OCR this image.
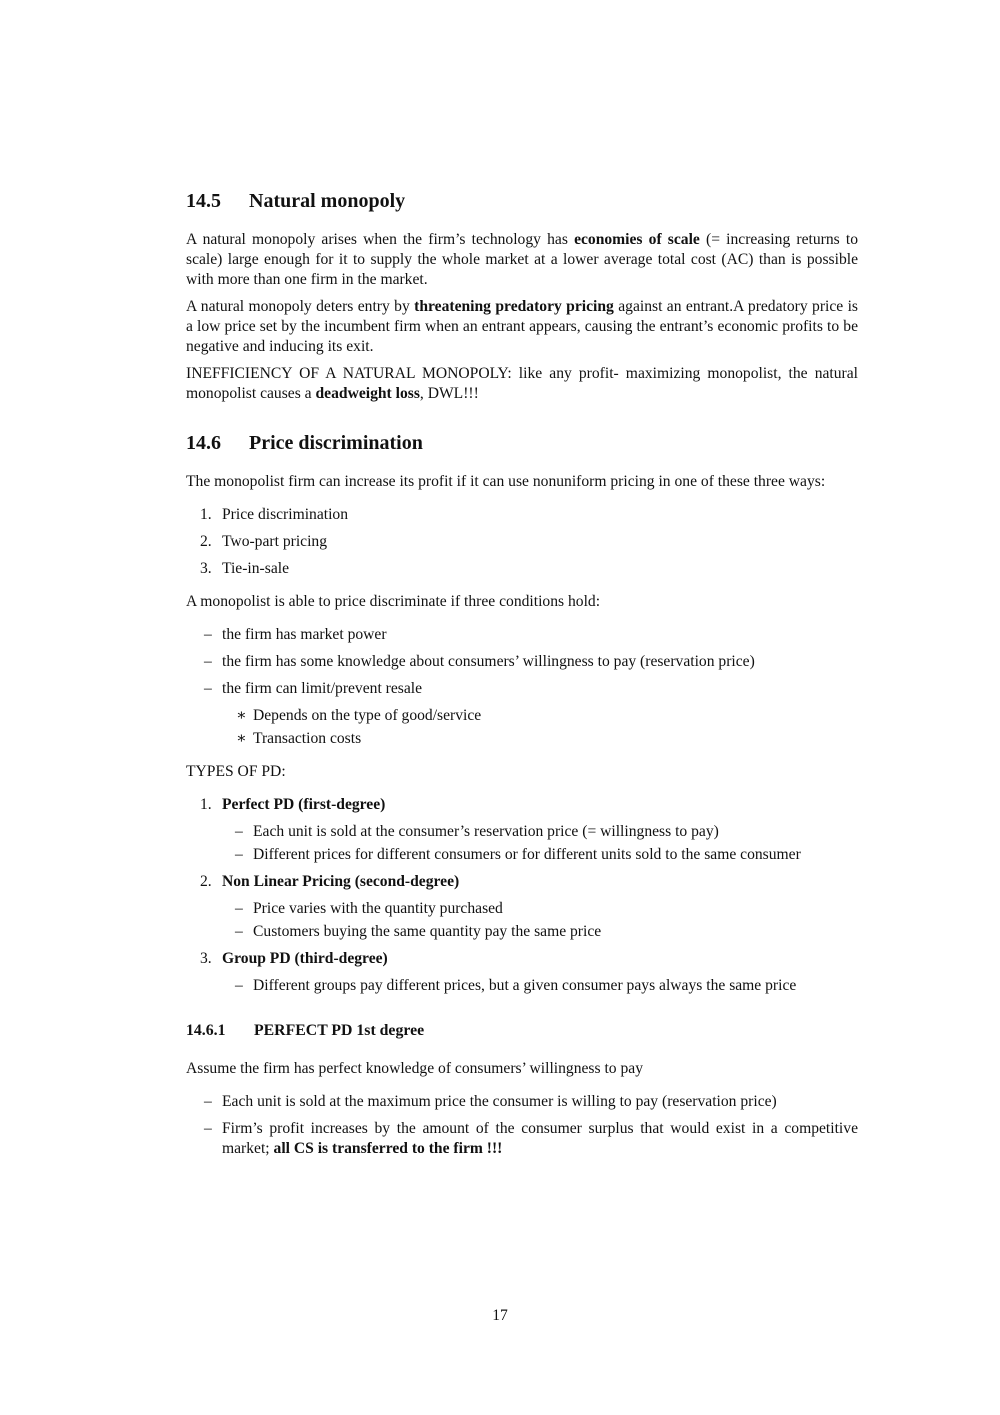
14.5 Natural monopoly

A natural monopoly arises when the firm’s technology has economies of scale (= increasing returns to scale) large enough for it to supply the whole market at a lower average total cost (AC) than is possible with more than one firm in the market.

A natural monopoly deters entry by threatening predatory pricing against an entrant.A predatory price is a low price set by the incumbent firm when an entrant appears, causing the entrant’s economic profits to be negative and inducing its exit.

INEFFICIENCY OF A NATURAL MONOPOLY: like any profit- maximizing monopolist, the natural monopolist causes a deadweight loss, DWL!!!

14.6 Price discrimination

The monopolist firm can increase its profit if it can use nonuniform pricing in one of these three ways:

1. Price discrimination
2. Two-part pricing
3. Tie-in-sale

A monopolist is able to price discriminate if three conditions hold:

– the firm has market power
– the firm has some knowledge about consumers’ willingness to pay (reservation price)
– the firm can limit/prevent resale
∗ Depends on the type of good/service
∗ Transaction costs

TYPES OF PD:

1. Perfect PD (first-degree)
– Each unit is sold at the consumer’s reservation price (= willingness to pay)
– Different prices for different consumers or for different units sold to the same consumer
2. Non Linear Pricing (second-degree)
– Price varies with the quantity purchased
– Customers buying the same quantity pay the same price
3. Group PD (third-degree)
– Different groups pay different prices, but a given consumer pays always the same price
14.6.1 PERFECT PD 1st degree

Assume the firm has perfect knowledge of consumers’ willingness to pay

– Each unit is sold at the maximum price the consumer is willing to pay (reservation price)
– Firm’s profit increases by the amount of the consumer surplus that would exist in a competitive market; all CS is transferred to the firm !!!
17
